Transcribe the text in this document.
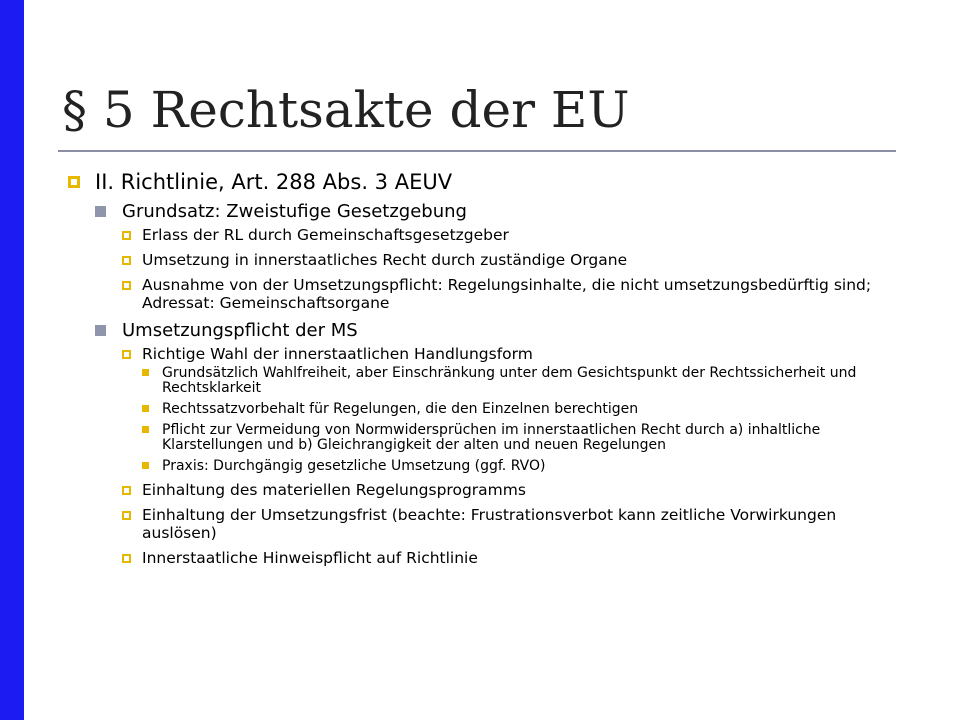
§ 5 Rechtsakte der EU
II. Richtlinie, Art. 288 Abs. 3 AEUV
Grundsatz: Zweistufige Gesetzgebung
Erlass der RL durch Gemeinschaftsgesetzgeber
Umsetzung in innerstaatliches Recht durch zuständige Organe
Ausnahme von der Umsetzungspflicht: Regelungsinhalte, die nicht umsetzungsbedürftig sind; Adressat: Gemeinschaftsorgane
Umsetzungspflicht der MS
Richtige Wahl der innerstaatlichen Handlungsform
Grundsätzlich Wahlfreiheit, aber Einschränkung unter dem Gesichtspunkt der Rechtssicherheit und Rechtsklarkeit
Rechtssatzvorbehalt für Regelungen, die den Einzelnen berechtigen
Pflicht zur Vermeidung von Normwidersprüchen im innerstaatlichen Recht durch a) inhaltliche Klarstellungen und b) Gleichrangigkeit der alten und neuen Regelungen
Praxis: Durchgängig gesetzliche Umsetzung (ggf. RVO)
Einhaltung des materiellen Regelungsprogramms
Einhaltung der Umsetzungsfrist (beachte: Frustrationsverbot kann zeitliche Vorwirkungen auslösen)
Innerstaatliche Hinweispflicht auf Richtlinie
